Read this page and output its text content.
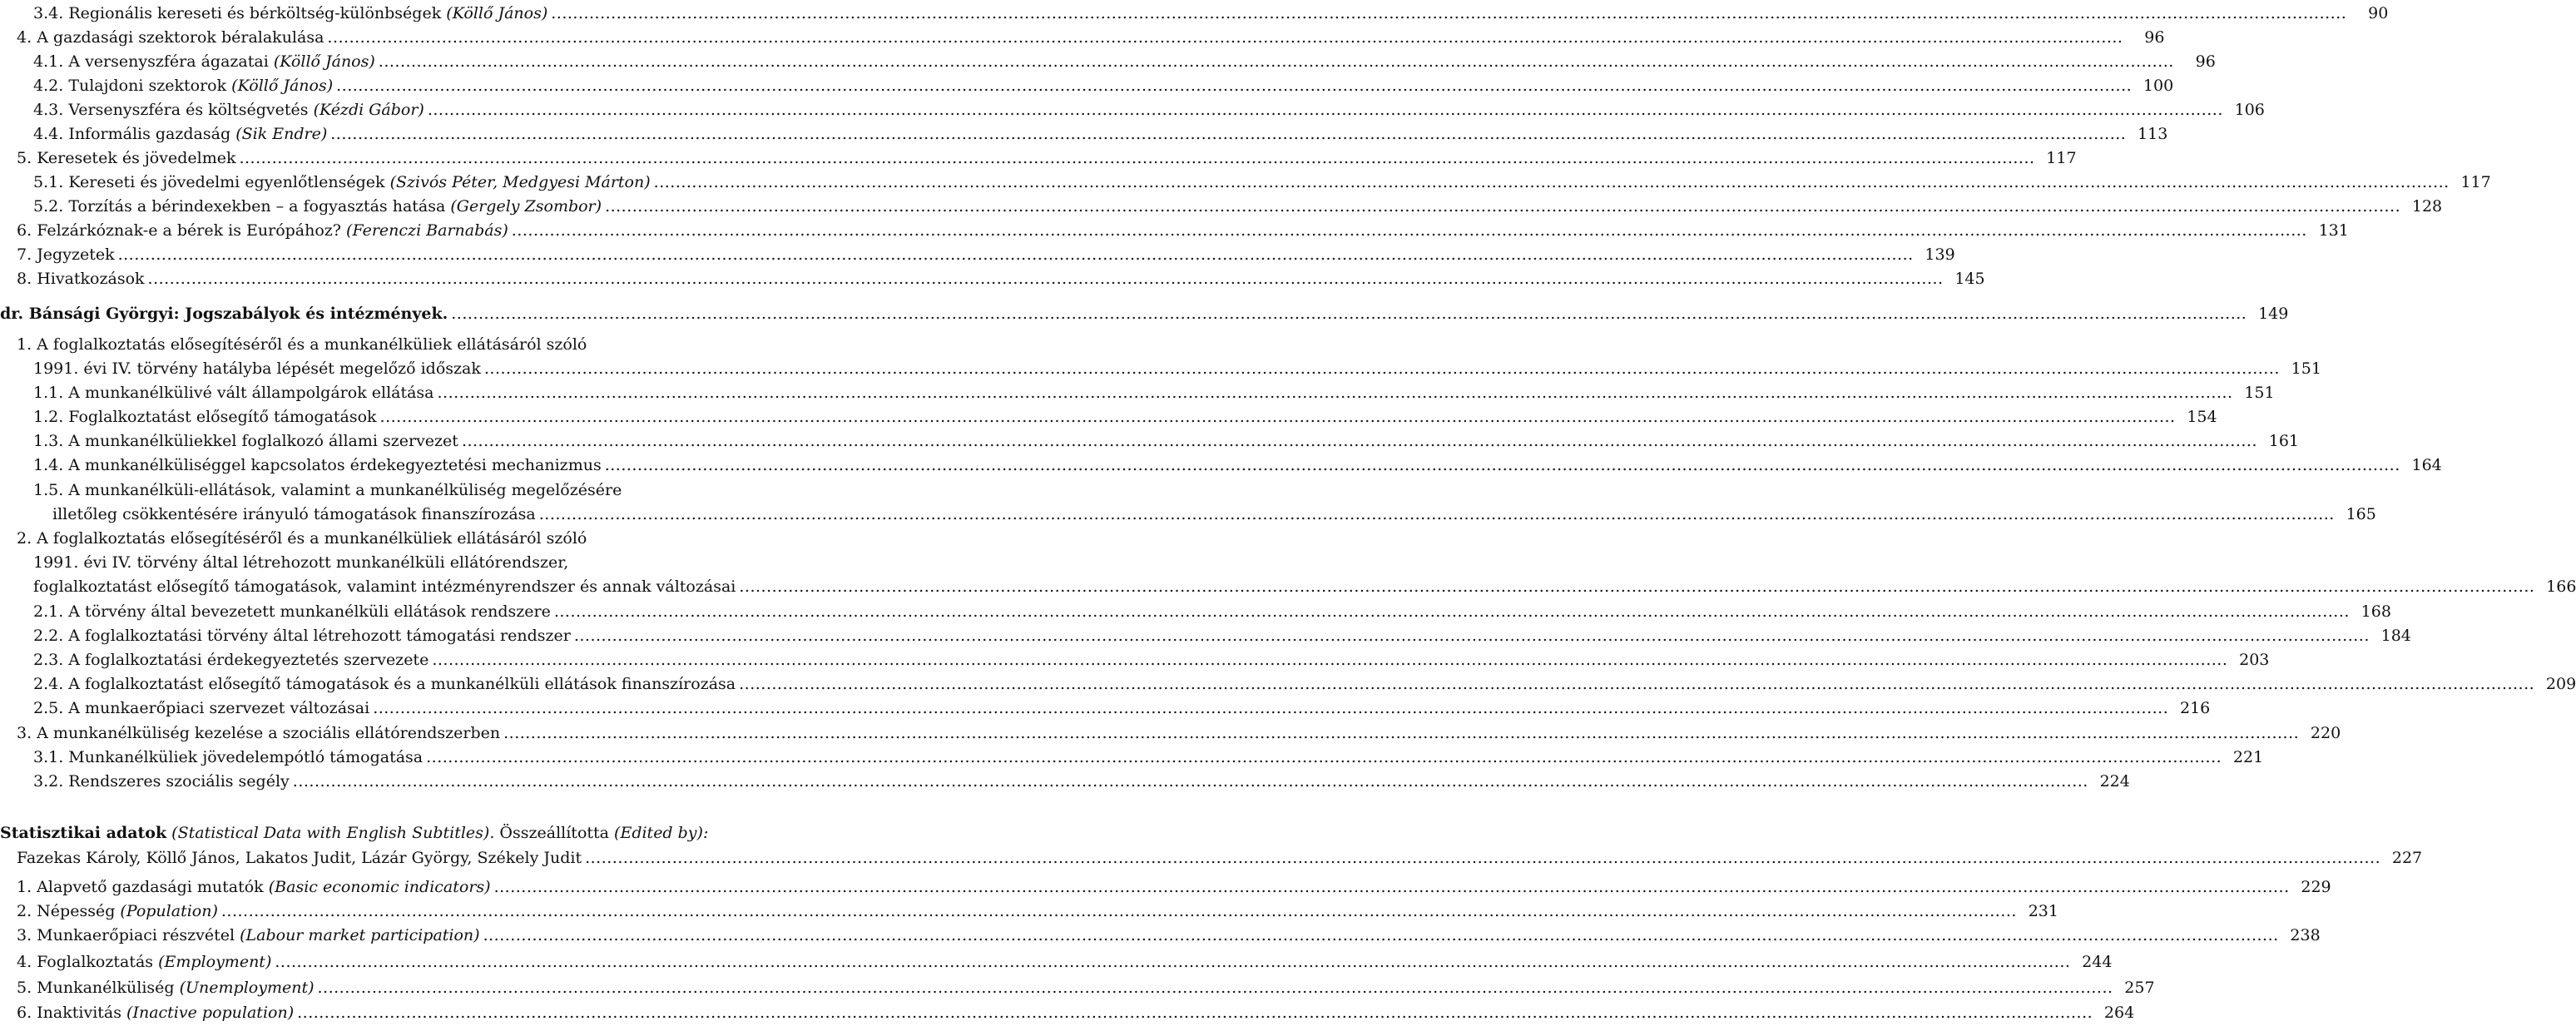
3.4. Regionális kereseti és bérköltség-különbségek (Köllő János) .....	90
4. A gazdasági szektorok béralakulása .....	96
4.1. A versenyszféra ágazatai (Köllő János) .....	96
4.2. Tulajdoni szektorok (Köllő János) .....	100
4.3. Versenyszféra és költségvetés (Kézdi Gábor) .....	106
4.4. Informális gazdaság (Sik Endre) .....	113
5. Keresetek és jövedelmek .....	117
5.1. Kereseti és jövedelmi egyenlőtlenségek (Szivós Péter, Medgyesi Márton) .....	117
5.2. Torzítás a bérindexekben – a fogyasztás hatása (Gergely Zsombor) .....	128
6. Felzárkóznak-e a bérek is Európához? (Ferenczi Barnabás) .....	131
7. Jegyzetek .....	139
8. Hivatkozások .....	145
dr. Bánsági Györgyi: Jogszabályok és intézmények. .....	149
1. A foglalkoztatás elősegítéséről és a munkanélküliek ellátásáról szóló
1991. évi IV. törvény hatályba lépését megelőző időszak .....	151
1.1. A munkanélkülivé vált állampolgárok ellátása .....	151
1.2. Foglalkoztatást elősegítő támogatások .....	154
1.3. A munkanélküliekkel foglalkozó állami szervezet .....	161
1.4. A munkanélküliséggel kapcsolatos érdekegyeztetési mechanizmus .....	164
1.5. A munkanélküli-ellátások, valamint a munkanélküliség megelőzésére
illetőleg csökkentésére irányuló támogatások finanszírozása .....	165
2. A foglalkoztatás elősegítéséről és a munkanélküliek ellátásáról szóló
1991. évi IV. törvény által létrehozott munkanélküli ellátórendszer,
foglalkoztatást elősegítő támogatások, valamint intézményrendszer és annak változásai .....	166
2.1. A törvény által bevezetett munkanélküli ellátások rendszere .....	168
2.2. A foglalkoztatási törvény által létrehozott támogatási rendszer .....	184
2.3. A foglalkoztatási érdekegyeztetés szervezete .....	203
2.4. A foglalkoztatást elősegítő támogatások és a munkanélküli ellátások finanszírozása .....	209
2.5. A munkaerőpiaci szervezet változásai .....	216
3. A munkanélküliség kezelése a szociális ellátórendszerben .....	220
3.1. Munkanélküliek jövedelempótló támogatása .....	221
3.2. Rendszeres szociális segély .....	224
Statisztikai adatok (Statistical Data with English Subtitles). Összeállította (Edited by):
Fazekas Károly, Köllő János, Lakatos Judit, Lázár György, Székely Judit .....	227
1. Alapvető gazdasági mutatók (Basic economic indicators) .....	229
2. Népesség (Population) .....	231
3. Munkaerőpiaci részvétel (Labour market participation) .....	238
4. Foglalkoztatás (Employment) .....	244
5. Munkanélküliség (Unemployment) .....	257
6. Inaktivitás (Inactive population) .....	264
